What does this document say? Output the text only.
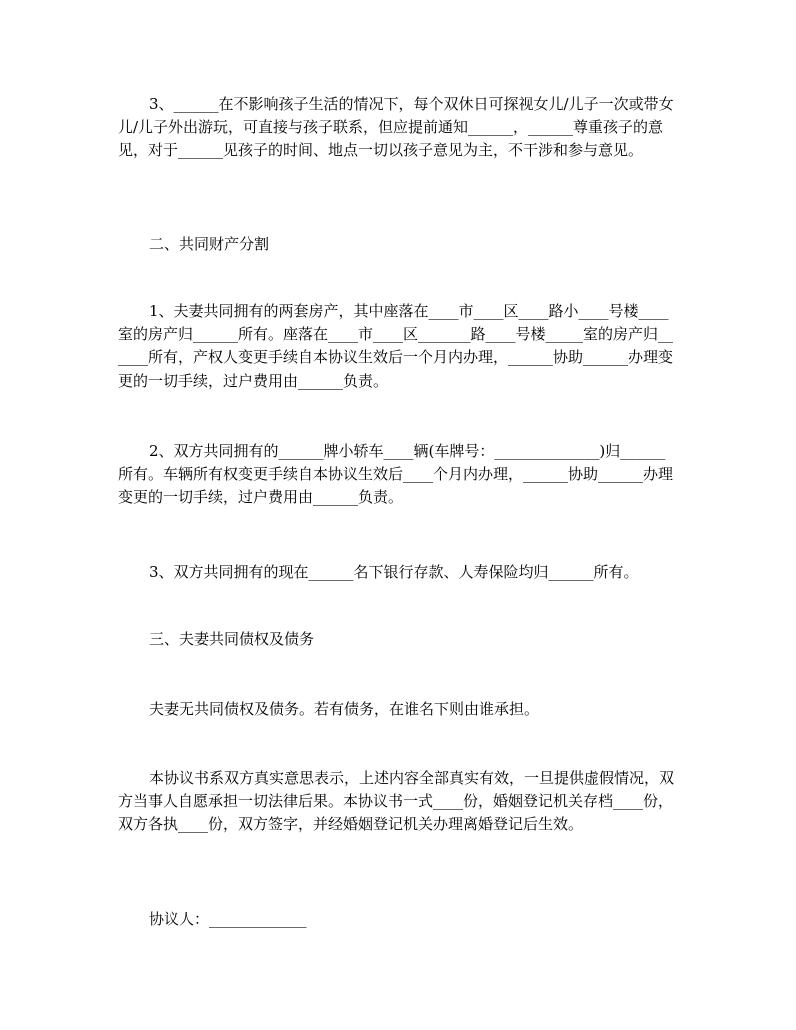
3、______在不影响孩子生活的情况下，每个双休日可探视女儿/儿子一次或带女儿/儿子外出游玩，可直接与孩子联系，但应提前通知______，______尊重孩子的意见，对于______见孩子的时间、地点一切以孩子意见为主，不干涉和参与意见。

二、共同财产分割

1、夫妻共同拥有的两套房产，其中座落在____市____区____路小____号楼____室的房产归______所有。座落在____市____区_______路____号楼_____室的房产归______所有，产权人变更手续自本协议生效后一个月内办理，______协助______办理变更的一切手续，过户费用由______负责。

2、双方共同拥有的______牌小轿车____辆(车牌号：______________)归______所有。车辆所有权变更手续自本协议生效后____个月内办理，______协助______办理变更的一切手续，过户费用由______负责。

3、双方共同拥有的现在______名下银行存款、人寿保险均归______所有。

三、夫妻共同债权及债务

夫妻无共同债权及债务。若有债务，在谁名下则由谁承担。

本协议书系双方真实意思表示，上述内容全部真实有效，一旦提供虚假情况，双方当事人自愿承担一切法律后果。本协议书一式____份，婚姻登记机关存档____份，双方各执____份，双方签字，并经婚姻登记机关办理离婚登记后生效。

协议人：_____________
